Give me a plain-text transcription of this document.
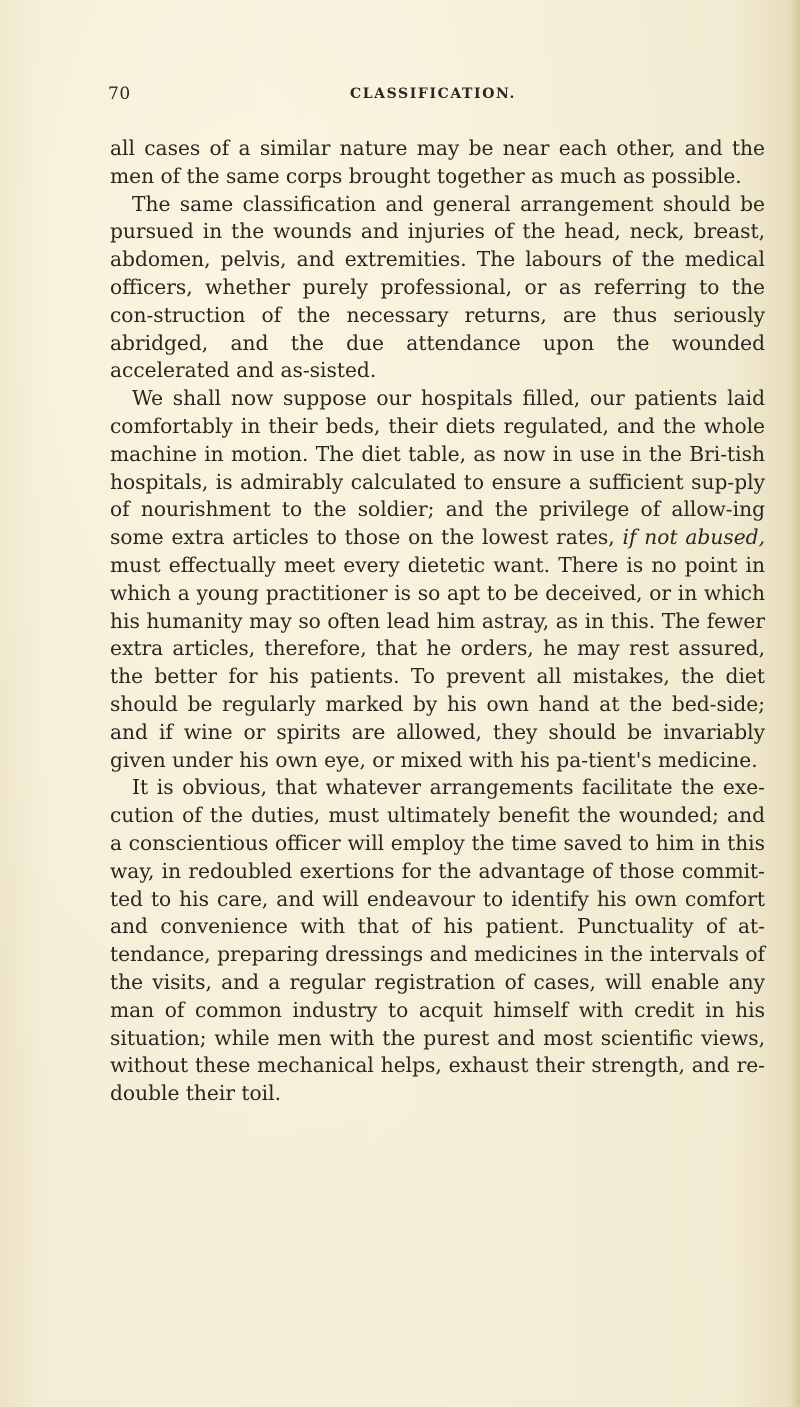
70	CLASSIFICATION.

all cases of a similar nature may be near each other, and the men of the same corps brought together as much as possible.

The same classification and general arrangement should be pursued in the wounds and injuries of the head, neck, breast, abdomen, pelvis, and extremities. The labours of the medical officers, whether purely professional, or as referring to the con-struction of the necessary returns, are thus seriously abridged, and the due attendance upon the wounded accelerated and as-sisted.

We shall now suppose our hospitals filled, our patients laid comfortably in their beds, their diets regulated, and the whole machine in motion. The diet table, as now in use in the Bri-tish hospitals, is admirably calculated to ensure a sufficient sup-ply of nourishment to the soldier; and the privilege of allow-ing some extra articles to those on the lowest rates, if not abused, must effectually meet every dietetic want. There is no point in which a young practitioner is so apt to be deceived, or in which his humanity may so often lead him astray, as in this. The fewer extra articles, therefore, that he orders, he may rest assured, the better for his patients. To prevent all mistakes, the diet should be regularly marked by his own hand at the bed-side; and if wine or spirits are allowed, they should be invariably given under his own eye, or mixed with his pa-tient's medicine.

It is obvious, that whatever arrangements facilitate the exe-cution of the duties, must ultimately benefit the wounded; and a conscientious officer will employ the time saved to him in this way, in redoubled exertions for the advantage of those commit-ted to his care, and will endeavour to identify his own comfort and convenience with that of his patient. Punctuality of at-tendance, preparing dressings and medicines in the intervals of the visits, and a regular registration of cases, will enable any man of common industry to acquit himself with credit in his situation; while men with the purest and most scientific views, without these mechanical helps, exhaust their strength, and re-double their toil.
